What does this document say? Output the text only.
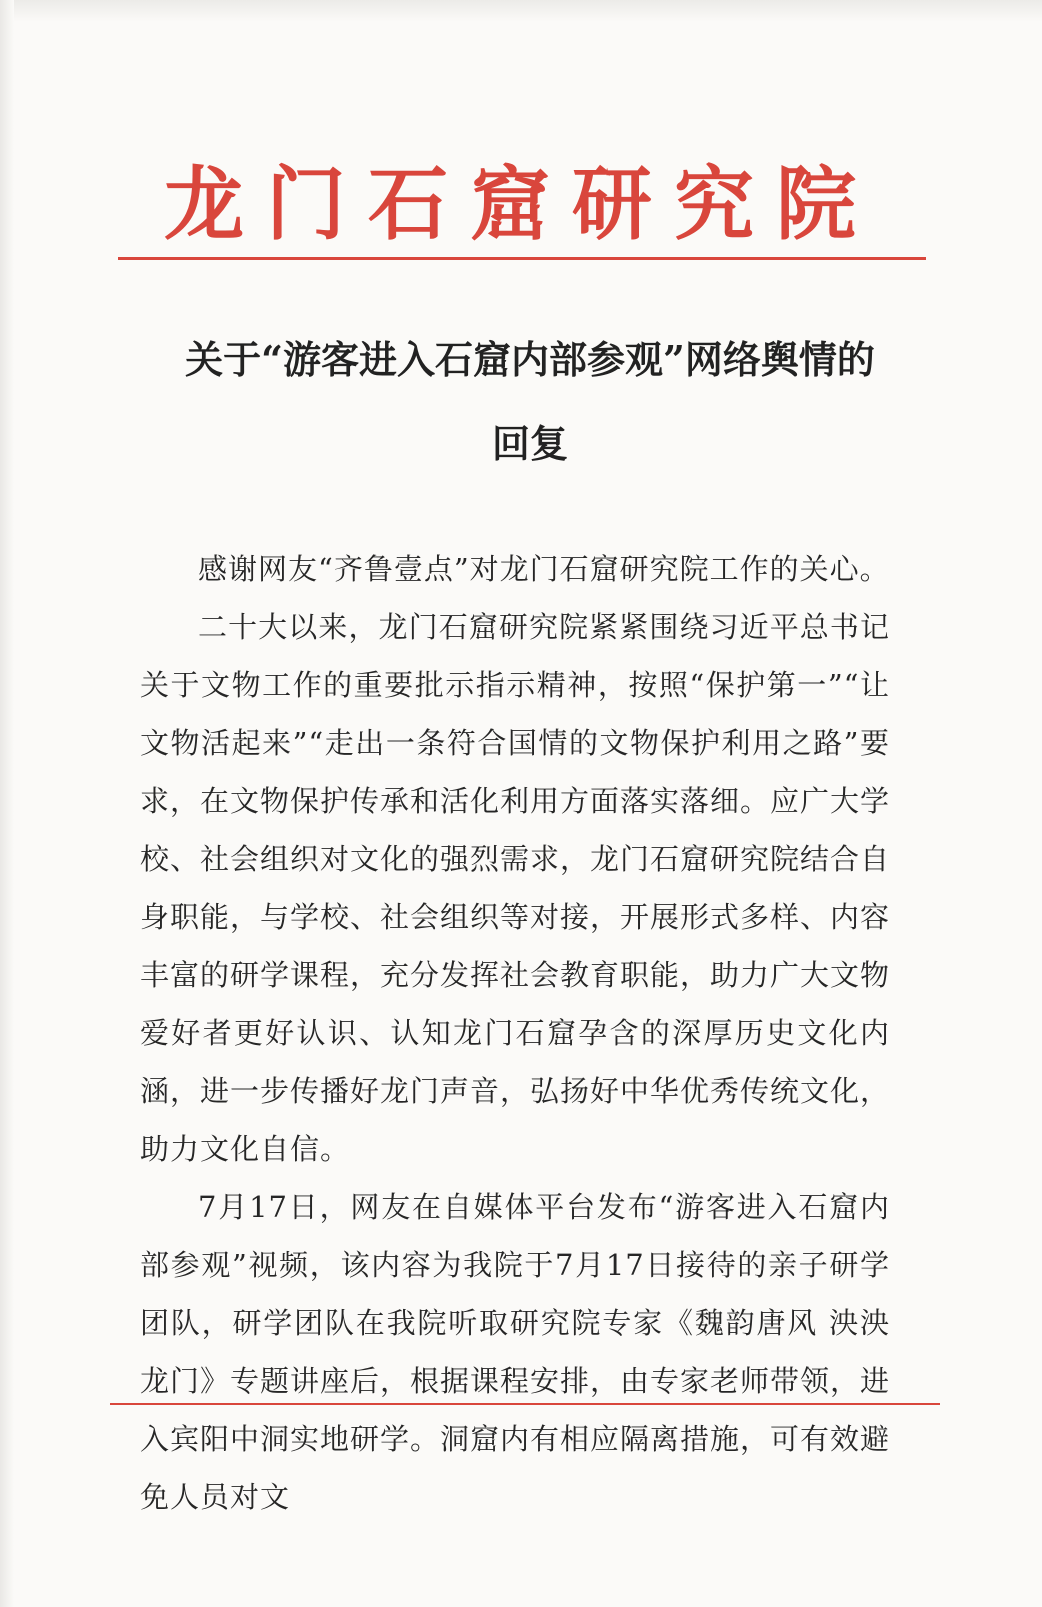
龙门石窟研究院
关于“游客进入石窟内部参观”网络舆情的
回复

感谢网友“齐鲁壹点”对龙门石窟研究院工作的关心。

二十大以来，龙门石窟研究院紧紧围绕习近平总书记关于文物工作的重要批示指示精神，按照“保护第一”“让文物活起来”“走出一条符合国情的文物保护利用之路”要求，在文物保护传承和活化利用方面落实落细。应广大学校、社会组织对文化的强烈需求，龙门石窟研究院结合自身职能，与学校、社会组织等对接，开展形式多样、内容丰富的研学课程，充分发挥社会教育职能，助力广大文物爱好者更好认识、认知龙门石窟孕含的深厚历史文化内涵，进一步传播好龙门声音，弘扬好中华优秀传统文化，助力文化自信。

7月17日，网友在自媒体平台发布“游客进入石窟内部参观”视频，该内容为我院于7月17日接待的亲子研学团队，研学团队在我院听取研究院专家《魏韵唐风 泱泱龙门》专题讲座后，根据课程安排，由专家老师带领，进入宾阳中洞实地研学。洞窟内有相应隔离措施，可有效避免人员对文
